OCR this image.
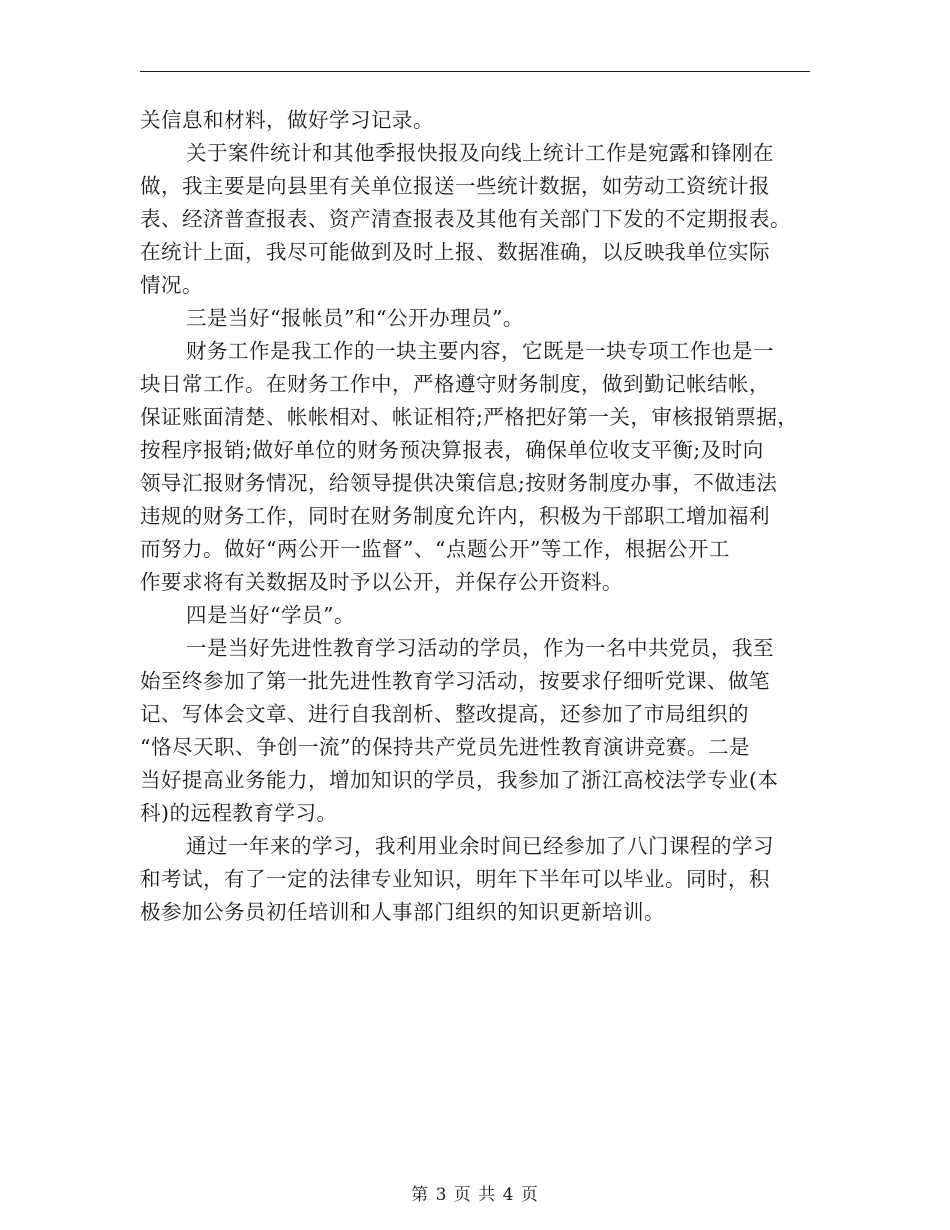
关信息和材料，做好学习记录。
关于案件统计和其他季报快报及向线上统计工作是宛露和锋刚在
做，我主要是向县里有关单位报送一些统计数据，如劳动工资统计报
表、经济普查报表、资产清查报表及其他有关部门下发的不定期报表。
在统计上面，我尽可能做到及时上报、数据准确，以反映我单位实际
情况。
三是当好“报帐员”和“公开办理员”。
财务工作是我工作的一块主要内容，它既是一块专项工作也是一
块日常工作。在财务工作中，严格遵守财务制度，做到勤记帐结帐，
保证账面清楚、帐帐相对、帐证相符;严格把好第一关，审核报销票据，
按程序报销;做好单位的财务预决算报表，确保单位收支平衡;及时向
领导汇报财务情况，给领导提供决策信息;按财务制度办事，不做违法
违规的财务工作，同时在财务制度允许内，积极为干部职工增加福利
而努力。做好“两公开一监督”、“点题公开”等工作，根据公开工
作要求将有关数据及时予以公开，并保存公开资料。
四是当好“学员”。
一是当好先进性教育学习活动的学员，作为一名中共党员，我至
始至终参加了第一批先进性教育学习活动，按要求仔细听党课、做笔
记、写体会文章、进行自我剖析、整改提高，还参加了市局组织的
“恪尽天职、争创一流”的保持共产党员先进性教育演讲竞赛。二是
当好提高业务能力，增加知识的学员，我参加了浙江高校法学专业(本
科)的远程教育学习。
通过一年来的学习，我利用业余时间已经参加了八门课程的学习
和考试，有了一定的法律专业知识，明年下半年可以毕业。同时，积
极参加公务员初任培训和人事部门组织的知识更新培训。
第 3 页 共 4 页
